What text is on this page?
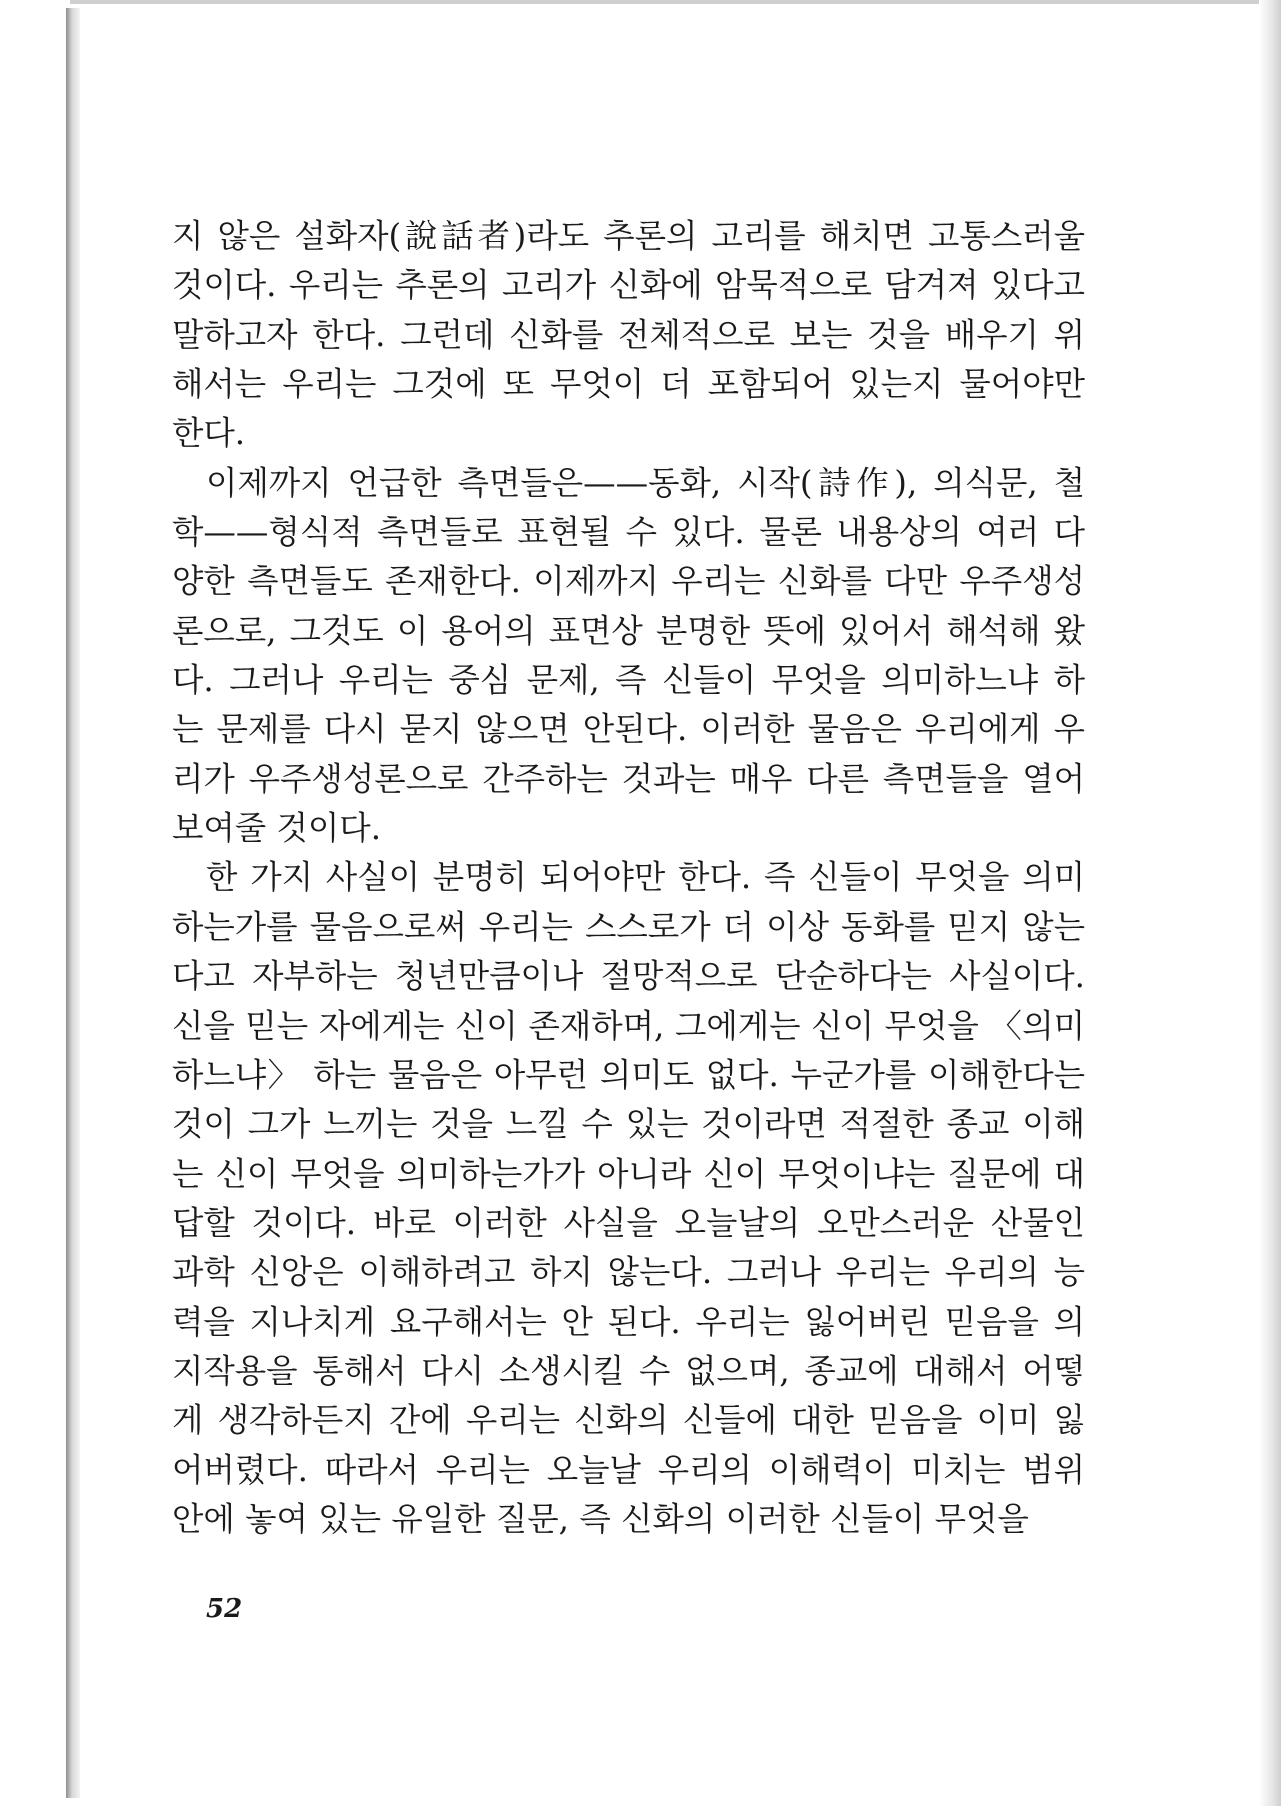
지 않은 설화자(說話者)라도 추론의 고리를 해치면 고통스러울
것이다. 우리는 추론의 고리가 신화에 암묵적으로 담겨져 있다고
말하고자 한다. 그런데 신화를 전체적으로 보는 것을 배우기 위
해서는 우리는 그것에 또 무엇이 더 포함되어 있는지 물어야만
한다.
이제까지 언급한 측면들은——동화, 시작(詩作), 의식문, 철
학——형식적 측면들로 표현될 수 있다. 물론 내용상의 여러 다
양한 측면들도 존재한다. 이제까지 우리는 신화를 다만 우주생성
론으로, 그것도 이 용어의 표면상 분명한 뜻에 있어서 해석해 왔
다. 그러나 우리는 중심 문제, 즉 신들이 무엇을 의미하느냐 하
는 문제를 다시 묻지 않으면 안된다. 이러한 물음은 우리에게 우
리가 우주생성론으로 간주하는 것과는 매우 다른 측면들을 열어
보여줄 것이다.
한 가지 사실이 분명히 되어야만 한다. 즉 신들이 무엇을 의미
하는가를 물음으로써 우리는 스스로가 더 이상 동화를 믿지 않는
다고 자부하는 청년만큼이나 절망적으로 단순하다는 사실이다.
신을 믿는 자에게는 신이 존재하며, 그에게는 신이 무엇을 〈의미
하느냐〉 하는 물음은 아무런 의미도 없다. 누군가를 이해한다는
것이 그가 느끼는 것을 느낄 수 있는 것이라면 적절한 종교 이해
는 신이 무엇을 의미하는가가 아니라 신이 무엇이냐는 질문에 대
답할 것이다. 바로 이러한 사실을 오늘날의 오만스러운 산물인
과학 신앙은 이해하려고 하지 않는다. 그러나 우리는 우리의 능
력을 지나치게 요구해서는 안 된다. 우리는 잃어버린 믿음을 의
지작용을 통해서 다시 소생시킬 수 없으며, 종교에 대해서 어떻
게 생각하든지 간에 우리는 신화의 신들에 대한 믿음을 이미 잃
어버렸다. 따라서 우리는 오늘날 우리의 이해력이 미치는 범위
안에 놓여 있는 유일한 질문, 즉 신화의 이러한 신들이 무엇을
52
